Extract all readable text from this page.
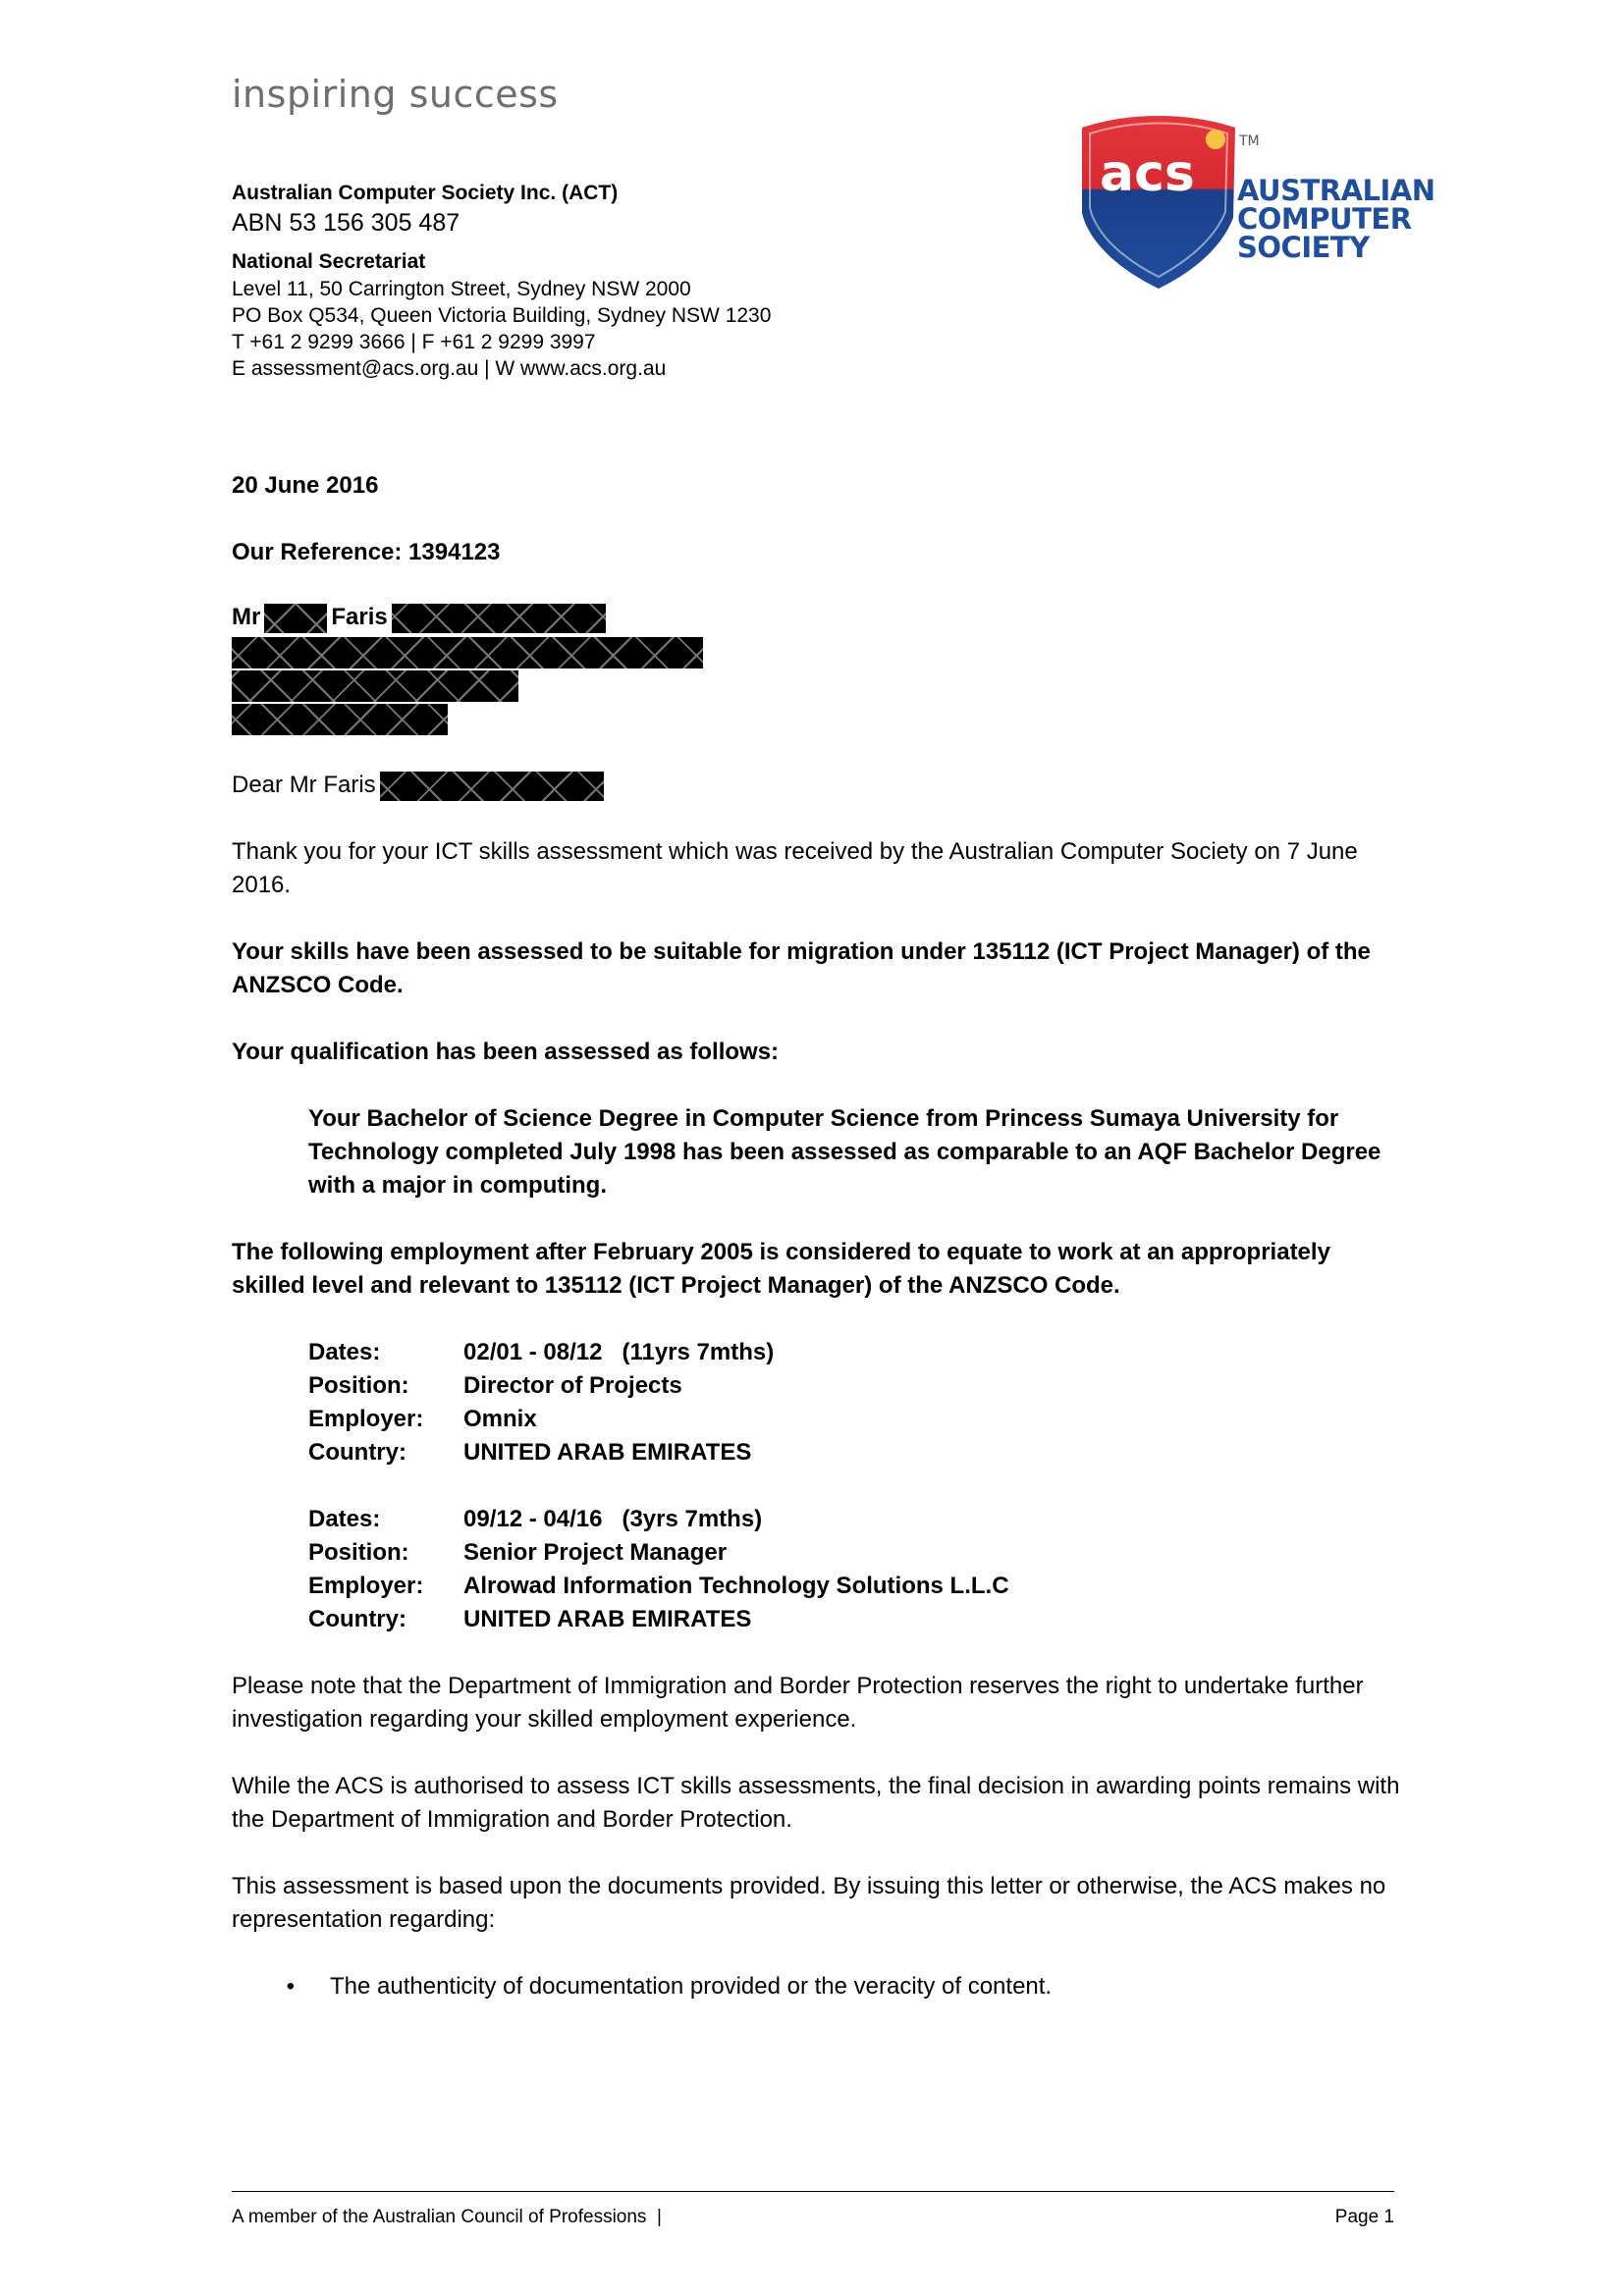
inspiring success
acs
TM
AUSTRALIAN
COMPUTER
SOCIETY
Australian Computer Society Inc. (ACT)
ABN 53 156 305 487
National Secretariat
Level 11, 50 Carrington Street, Sydney NSW 2000
PO Box Q534, Queen Victoria Building, Sydney NSW 1230
T +61 2 9299 3666 | F +61 2 9299 3997
E assessment@acs.org.au | W www.acs.org.au
20 June 2016
Our Reference: 1394123
Mr	Faris
Dear Mr Faris
Thank you for your ICT skills assessment which was received by the Australian Computer Society on 7 June 2016.
Your skills have been assessed to be suitable for migration under 135112 (ICT Project Manager) of the ANZSCO Code.
Your qualification has been assessed as follows:
Your Bachelor of Science Degree in Computer Science from Princess Sumaya University for Technology completed July 1998 has been assessed as comparable to an AQF Bachelor Degree with a major in computing.
The following employment after February 2005 is considered to equate to work at an appropriately skilled level and relevant to 135112 (ICT Project Manager) of the ANZSCO Code.
Dates:	02/01 - 08/12   (11yrs 7mths)
Position:	Director of Projects
Employer:	Omnix
Country:	UNITED ARAB EMIRATES
Dates:	09/12 - 04/16   (3yrs 7mths)
Position:	Senior Project Manager
Employer:	Alrowad Information Technology Solutions L.L.C
Country:	UNITED ARAB EMIRATES
Please note that the Department of Immigration and Border Protection reserves the right to undertake further investigation regarding your skilled employment experience.
While the ACS is authorised to assess ICT skills assessments, the final decision in awarding points remains with the Department of Immigration and Border Protection.
This assessment is based upon the documents provided. By issuing this letter or otherwise, the ACS makes no representation regarding:
•	The authenticity of documentation provided or the veracity of content.
A member of the Australian Council of Professions  |	Page 1
